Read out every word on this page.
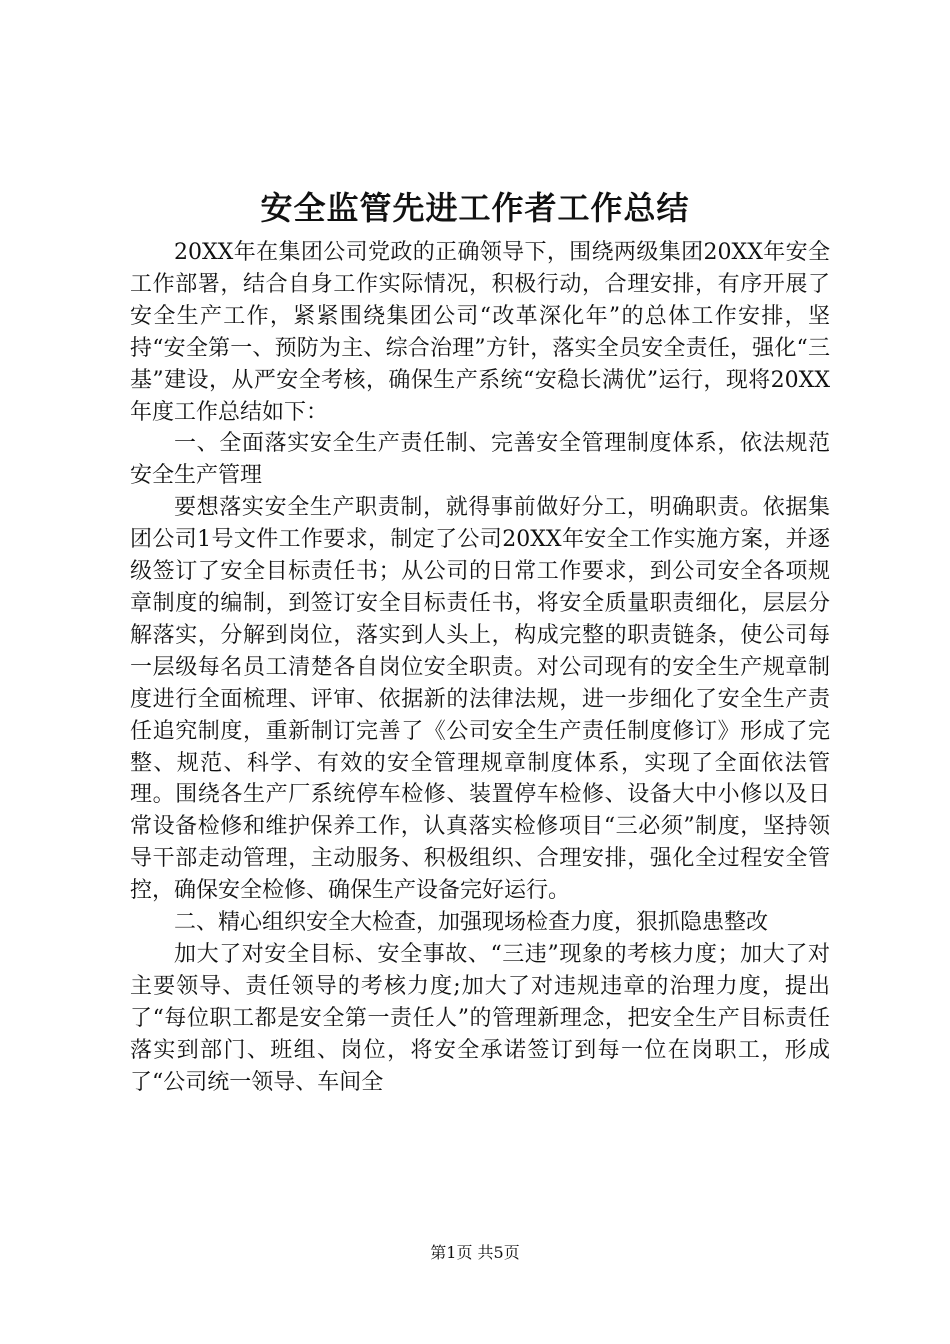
安全监管先进工作者工作总结

20XX年在集团公司党政的正确领导下，围绕两级集团20XX年安全工作部署，结合自身工作实际情况，积极行动，合理安排，有序开展了安全生产工作，紧紧围绕集团公司“改革深化年”的总体工作安排，坚持“安全第一、预防为主、综合治理”方针，落实全员安全责任，强化“三基”建设，从严安全考核，确保生产系统“安稳长满优”运行，现将20XX年度工作总结如下：

一、全面落实安全生产责任制、完善安全管理制度体系，依法规范安全生产管理

要想落实安全生产职责制，就得事前做好分工，明确职责。依据集团公司1号文件工作要求，制定了公司20XX年安全工作实施方案，并逐级签订了安全目标责任书；从公司的日常工作要求，到公司安全各项规章制度的编制，到签订安全目标责任书，将安全质量职责细化，层层分解落实，分解到岗位，落实到人头上，构成完整的职责链条，使公司每一层级每名员工清楚各自岗位安全职责。对公司现有的安全生产规章制度进行全面梳理、评审、依据新的法律法规，进一步细化了安全生产责任追究制度，重新制订完善了《公司安全生产责任制度修订》形成了完整、规范、科学、有效的安全管理规章制度体系，实现了全面依法管理。围绕各生产厂系统停车检修、装置停车检修、设备大中小修以及日常设备检修和维护保养工作，认真落实检修项目“三必须”制度，坚持领导干部走动管理，主动服务、积极组织、合理安排，强化全过程安全管控，确保安全检修、确保生产设备完好运行。

二、精心组织安全大检查，加强现场检查力度，狠抓隐患整改

加大了对安全目标、安全事故、“三违”现象的考核力度；加大了对主要领导、责任领导的考核力度;加大了对违规违章的治理力度，提出了“每位职工都是安全第一责任人”的管理新理念，把安全生产目标责任落实到部门、班组、岗位，将安全承诺签订到每一位在岗职工，形成了“公司统一领导、车间全

第1页 共5页
